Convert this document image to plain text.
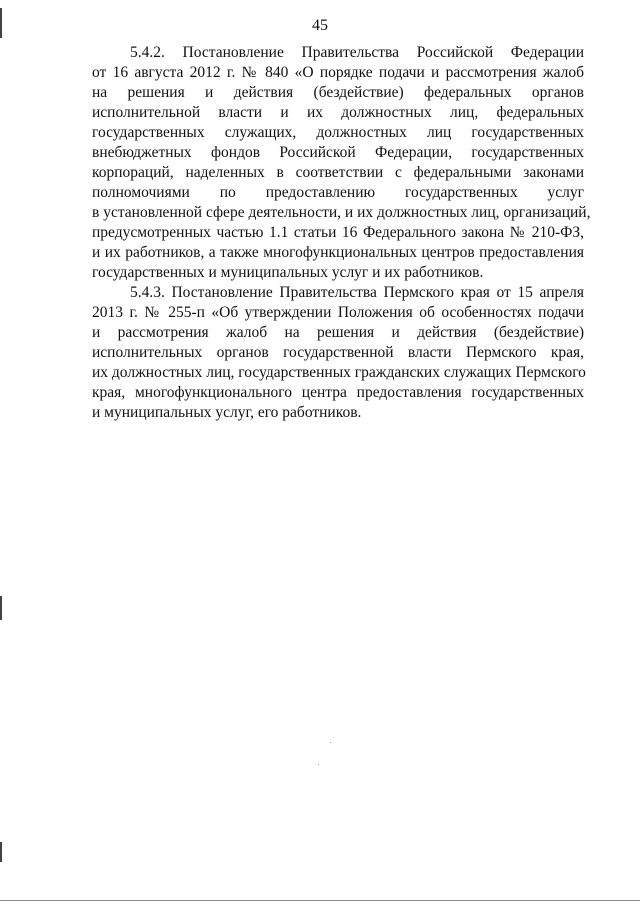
45
5.4.2. Постановление Правительства Российской Федерации
от 16 августа 2012 г. № 840 «О порядке подачи и рассмотрения жалоб
на решения и действия (бездействие) федеральных органов
исполнительной власти и их должностных лиц, федеральных
государственных служащих, должностных лиц государственных
внебюджетных фондов Российской Федерации, государственных
корпораций, наделенных в соответствии с федеральными законами
полномочиями по предоставлению государственных услуг
в установленной сфере деятельности, и их должностных лиц, организаций,
предусмотренных частью 1.1 статьи 16 Федерального закона № 210-ФЗ,
и их работников, а также многофункциональных центров предоставления
государственных и муниципальных услуг и их работников.
5.4.3. Постановление Правительства Пермского края от 15 апреля
2013 г. № 255-п «Об утверждении Положения об особенностях подачи
и рассмотрения жалоб на решения и действия (бездействие)
исполнительных органов государственной власти Пермского края,
их должностных лиц, государственных гражданских служащих Пермского
края, многофункционального центра предоставления государственных
и муниципальных услуг, его работников.
